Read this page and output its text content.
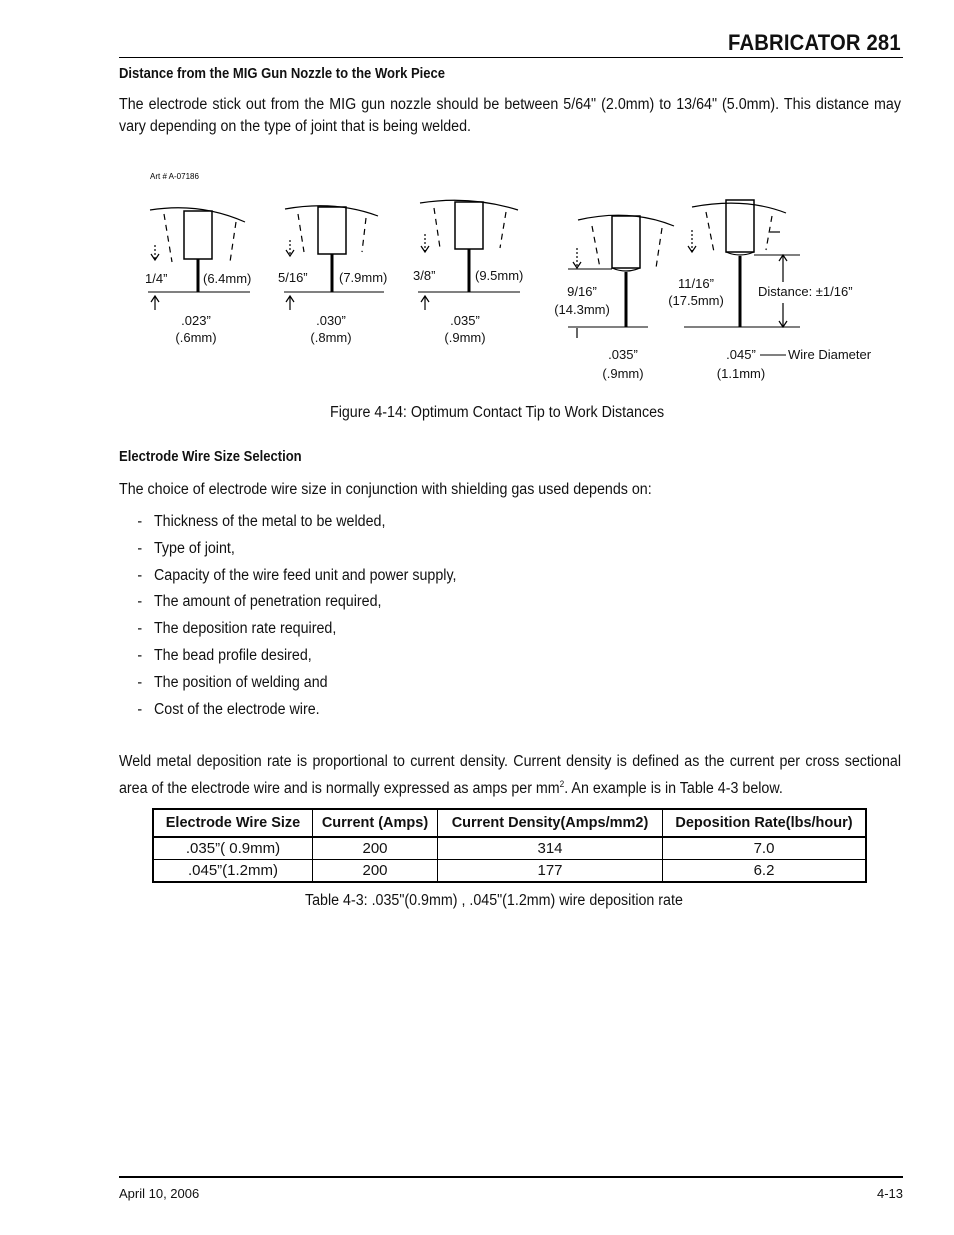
FABRICATOR 281
Distance from the MIG Gun Nozzle to the Work Piece
The electrode stick out from the MIG gun nozzle should be between 5/64" (2.0mm) to 13/64" (5.0mm). This distance may vary depending on the type of joint that is being welded.
Art # A-07186
1/4”	(6.4mm)
.023”
(.6mm)
5/16” (7.9mm)
.030”
(.8mm)
3/8”	(9.5mm)
.035”
(.9mm)
9/16”
(14.3mm)
.035”
(.9mm)
11/16”
(17.5mm)
.045”
(1.1mm)
Distance: ±1/16”
Wire Diameter
Figure 4-14: Optimum Contact Tip to Work Distances
Electrode Wire Size Selection
The choice of electrode wire size in conjunction with shielding gas used depends on:
- Thickness of the metal to be welded,
- Type of joint,
- Capacity of the wire feed unit and power supply,
- The amount of penetration required,
- The deposition rate required,
- The bead profile desired,
- The position of welding and
- Cost of the electrode wire.
Weld metal deposition rate is proportional to current density. Current density is defined as the current per cross sectional area of the electrode wire and is normally expressed as amps per $mm^2$. An example is in Table 4-3 below.
Electrode Wire Size	Current (Amps)	Current Density(Amps/mm2)	Deposition Rate(lbs/hour)
.035”( 0.9mm)	200	314	7.0
.045”(1.2mm)	200	177	6.2
Table 4-3: .035"(0.9mm) , .045"(1.2mm) wire deposition rate
April 10, 2006	4-13
